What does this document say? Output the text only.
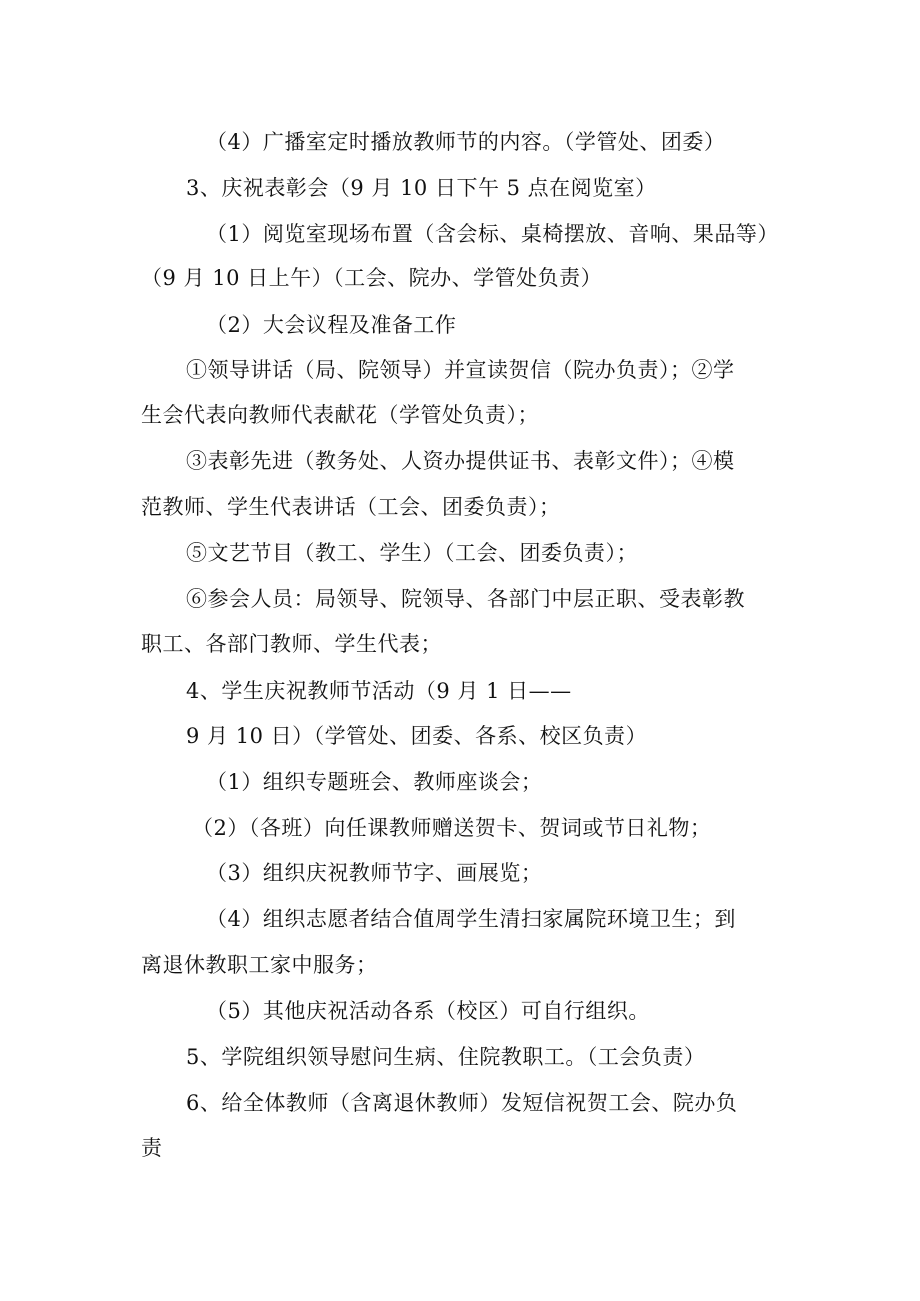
（4）广播室定时播放教师节的内容。（学管处、团委）
3、庆祝表彰会（9 月 10 日下午 5 点在阅览室）
（1）阅览室现场布置（含会标、桌椅摆放、音响、果品等）
（9 月 10 日上午）（工会、院办、学管处负责）
（2）大会议程及准备工作
①领导讲话（局、院领导）并宣读贺信（院办负责）；②学
生会代表向教师代表献花（学管处负责）；
③表彰先进（教务处、人资办提供证书、表彰文件）；④模
范教师、学生代表讲话（工会、团委负责）；
⑤文艺节目（教工、学生）（工会、团委负责）；
⑥参会人员：局领导、院领导、各部门中层正职、受表彰教
职工、各部门教师、学生代表；
4、学生庆祝教师节活动（9 月 1 日——
9 月 10 日）（学管处、团委、各系、校区负责）
（1）组织专题班会、教师座谈会；
（2）（各班）向任课教师赠送贺卡、贺词或节日礼物；
（3）组织庆祝教师节字、画展览；
（4）组织志愿者结合值周学生清扫家属院环境卫生；到
离退休教职工家中服务；
（5）其他庆祝活动各系（校区）可自行组织。
5、学院组织领导慰问生病、住院教职工。（工会负责）
6、给全体教师（含离退休教师）发短信祝贺工会、院办负
责
